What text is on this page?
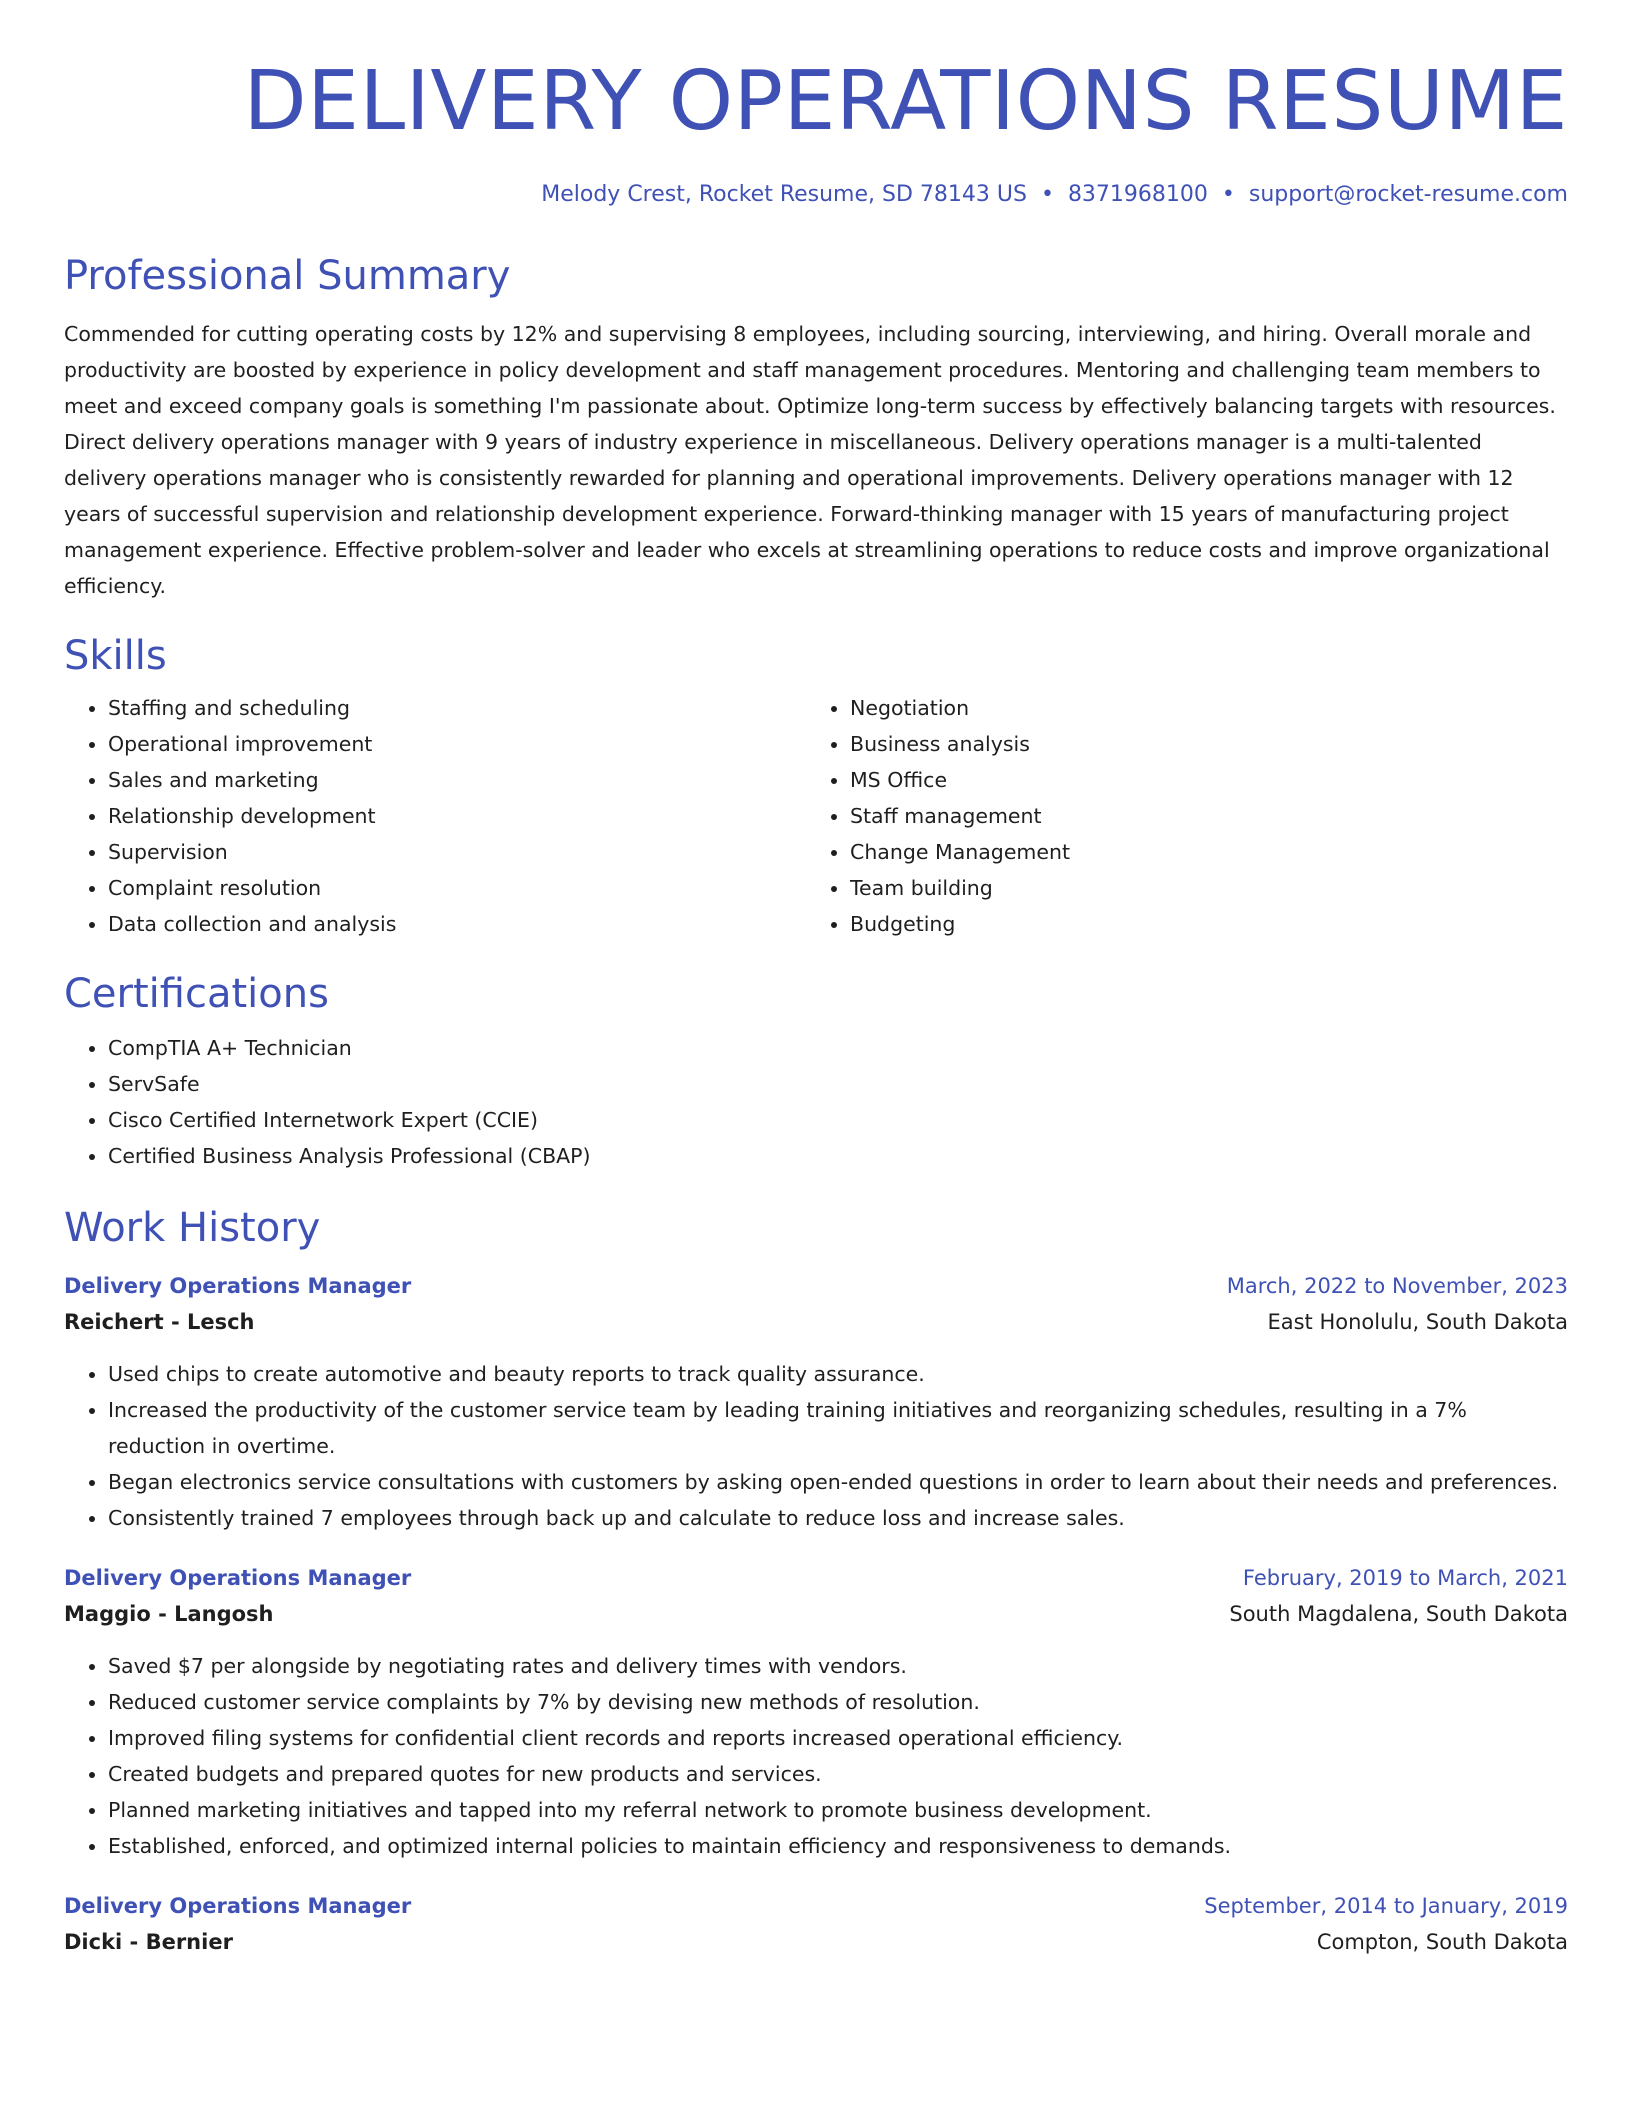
DELIVERY OPERATIONS RESUME
Melody Crest, Rocket Resume, SD 78143 US • 8371968100 • support@rocket-resume.com
Professional Summary

Commended for cutting operating costs by 12% and supervising 8 employees, including sourcing, interviewing, and hiring. Overall morale and productivity are boosted by experience in policy development and staff management procedures. Mentoring and challenging team members to meet and exceed company goals is something I'm passionate about. Optimize long-term success by effectively balancing targets with resources. Direct delivery operations manager with 9 years of industry experience in miscellaneous. Delivery operations manager is a multi-talented delivery operations manager who is consistently rewarded for planning and operational improvements. Delivery operations manager with 12 years of successful supervision and relationship development experience. Forward-thinking manager with 15 years of manufacturing project management experience. Effective problem-solver and leader who excels at streamlining operations to reduce costs and improve organizational efficiency.

Skills
• Staffing and scheduling
• Operational improvement
• Sales and marketing
• Relationship development
• Supervision
• Complaint resolution
• Data collection and analysis
• Negotiation
• Business analysis
• MS Office
• Staff management
• Change Management
• Team building
• Budgeting
Certifications
• CompTIA A+ Technician
• ServSafe
• Cisco Certified Internetwork Expert (CCIE)
• Certified Business Analysis Professional (CBAP)
Work History
Delivery Operations Manager	March, 2022 to November, 2023
Reichert - Lesch	East Honolulu, South Dakota
• Used chips to create automotive and beauty reports to track quality assurance.
• Increased the productivity of the customer service team by leading training initiatives and reorganizing schedules, resulting in a 7% reduction in overtime.
• Began electronics service consultations with customers by asking open-ended questions in order to learn about their needs and preferences.
• Consistently trained 7 employees through back up and calculate to reduce loss and increase sales.
Delivery Operations Manager	February, 2019 to March, 2021
Maggio - Langosh	South Magdalena, South Dakota
• Saved $7 per alongside by negotiating rates and delivery times with vendors.
• Reduced customer service complaints by 7% by devising new methods of resolution.
• Improved filing systems for confidential client records and reports increased operational efficiency.
• Created budgets and prepared quotes for new products and services.
• Planned marketing initiatives and tapped into my referral network to promote business development.
• Established, enforced, and optimized internal policies to maintain efficiency and responsiveness to demands.
Delivery Operations Manager	September, 2014 to January, 2019
Dicki - Bernier	Compton, South Dakota
